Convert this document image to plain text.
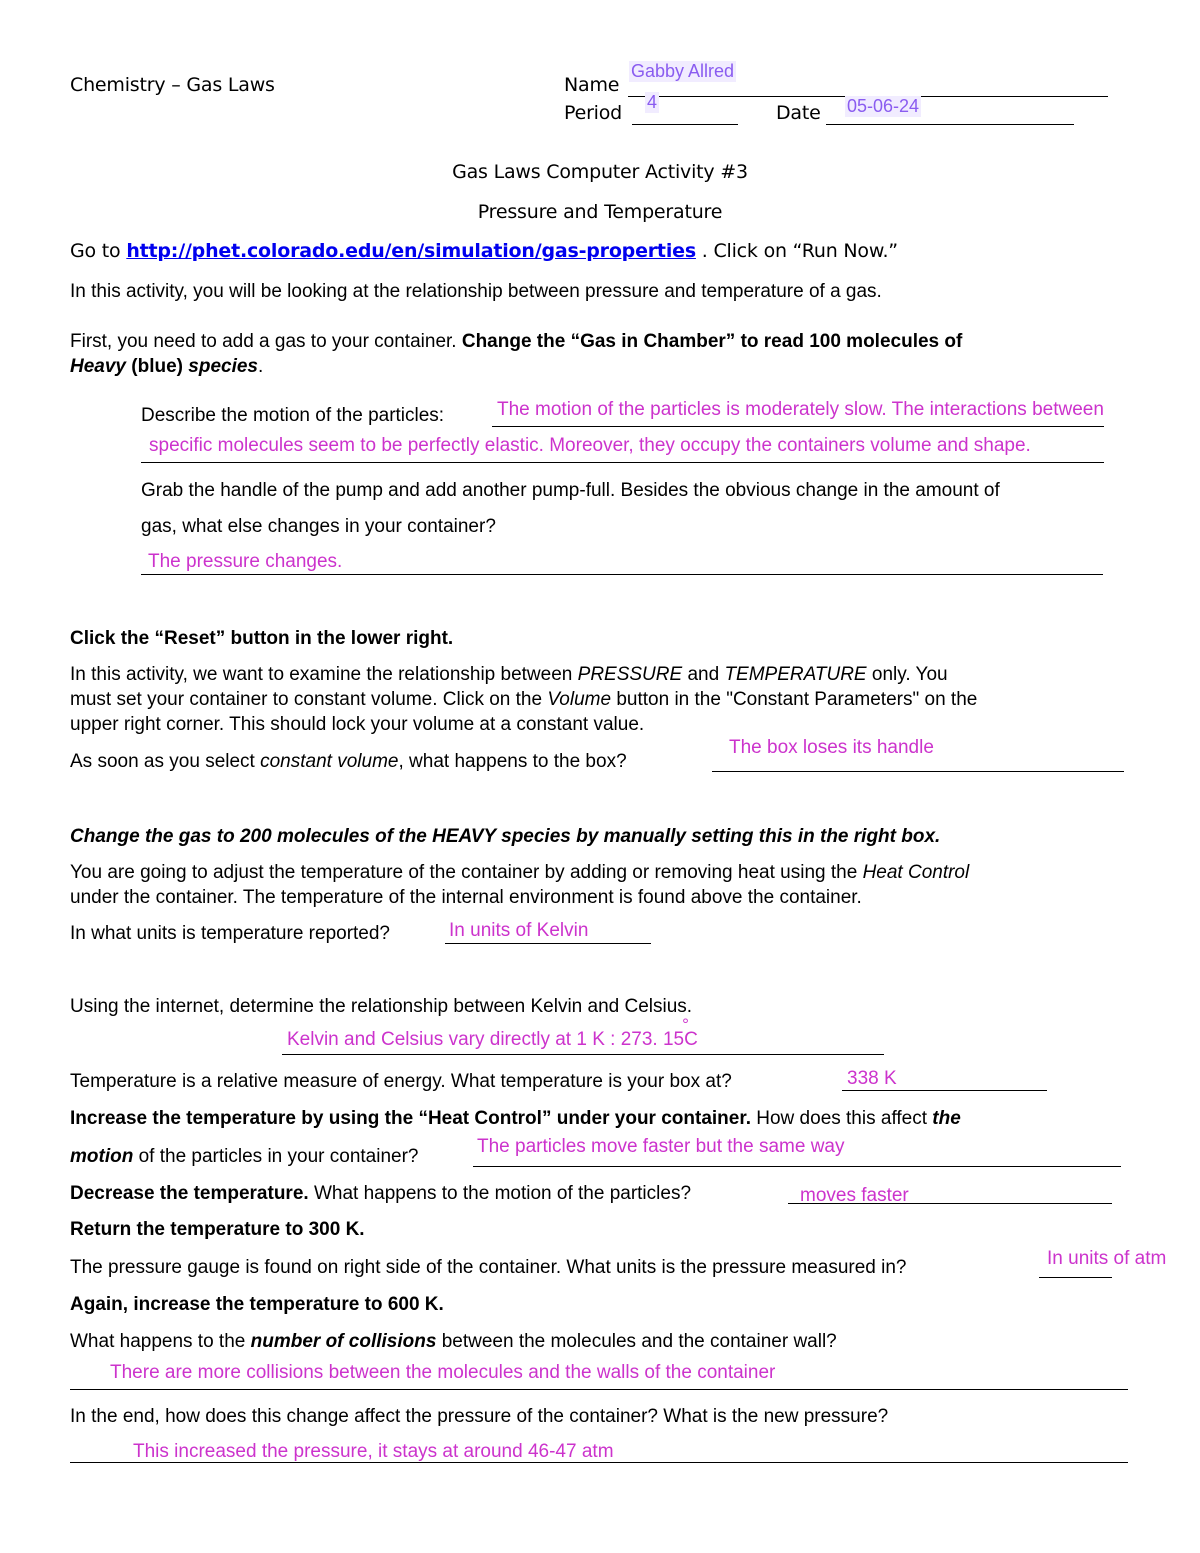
Chemistry – Gas Laws	Name
Gabby Allred
Period 4	Date 05-06-24
Gas Laws Computer Activity #3
Pressure and Temperature
Go to http://phet.colorado.edu/en/simulation/gas-properties . Click on “Run Now.”
In this activity, you will be looking at the relationship between pressure and temperature of a gas.
First, you need to add a gas to your container. Change the “Gas in Chamber” to read 100 molecules of
Heavy (blue) species.
Describe the motion of the particles:	The motion of the particles is moderately slow. The interactions between
specific molecules seem to be perfectly elastic. Moreover, they occupy the containers volume and shape.
Grab the handle of the pump and add another pump-full. Besides the obvious change in the amount of
gas, what else changes in your container?
The pressure changes.
Click the “Reset” button in the lower right.
In this activity, we want to examine the relationship between PRESSURE and TEMPERATURE only. You
must set your container to constant volume. Click on the Volume button in the "Constant Parameters" on the
upper right corner. This should lock your volume at a constant value.
As soon as you select constant volume, what happens to the box?
The box loses its handle
Change the gas to 200 molecules of the HEAVY species by manually setting this in the right box.
You are going to adjust the temperature of the container by adding or removing heat using the Heat Control
under the container. The temperature of the internal environment is found above the container.
In what units is temperature reported?	In units of Kelvin
Using the internet, determine the relationship between Kelvin and Celsius.
Kelvin and Celsius vary directly at 1 K : 273. 15
°
C
Temperature is a relative measure of energy. What temperature is your box at?	338 K
Increase the temperature by using the “Heat Control” under your container. How does this affect the
motion of the particles in your container?	The particles move faster but the same way
Decrease the temperature. What happens to the motion of the particles?	moves faster
Return the temperature to 300 K.
The pressure gauge is found on right side of the container. What units is the pressure measured in?	In units of atm
Again, increase the temperature to 600 K.
What happens to the number of collisions between the molecules and the container wall?
There are more collisions between the molecules and the walls of the container
In the end, how does this change affect the pressure of the container? What is the new pressure?
This increased the pressure, it stays at around 46-47 atm
